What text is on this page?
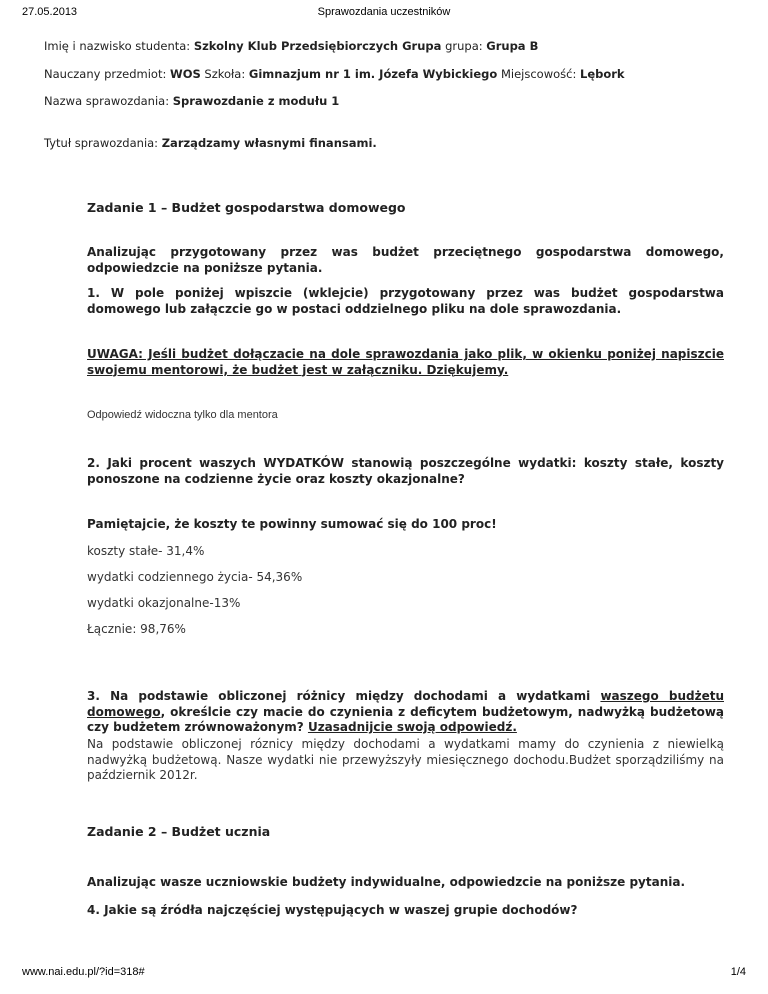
27.05.2013	Sprawozdania uczestników
Imię i nazwisko studenta: Szkolny Klub Przedsiębiorczych Grupa grupa: Grupa B
Nauczany przedmiot: WOS Szkoła: Gimnazjum nr 1 im. Józefa Wybickiego Miejscowość: Lębork
Nazwa sprawozdania: Sprawozdanie z modułu 1
Tytuł sprawozdania: Zarządzamy własnymi finansami.
Zadanie 1 – Budżet gospodarstwa domowego
Analizując przygotowany przez was budżet przeciętnego gospodarstwa domowego, odpowiedzcie na poniższe pytania.
1. W pole poniżej wpiszcie (wklejcie) przygotowany przez was budżet gospodarstwa domowego lub załączcie go w postaci oddzielnego pliku na dole sprawozdania.
UWAGA: Jeśli budżet dołączacie na dole sprawozdania jako plik, w okienku poniżej napiszcie swojemu mentorowi, że budżet jest w załączniku. Dziękujemy.
Odpowiedź widoczna tylko dla mentora
2. Jaki procent waszych WYDATKÓW stanowią poszczególne wydatki: koszty stałe, koszty ponoszone na codzienne życie oraz koszty okazjonalne?
Pamiętajcie, że koszty te powinny sumować się do 100 proc!
koszty stałe- 31,4%
wydatki codziennego życia- 54,36%
wydatki okazjonalne-13%
Łącznie: 98,76%
3. Na podstawie obliczonej różnicy między dochodami a wydatkami waszego budżetu domowego, określcie czy macie do czynienia z deficytem budżetowym, nadwyżką budżetową czy budżetem zrównoważonym? Uzasadnijcie swoją odpowiedź.
Na podstawie obliczonej róznicy między dochodami a wydatkami mamy do czynienia z niewielką nadwyżką budżetową. Nasze wydatki nie przewyższyły miesięcznego dochodu.Budżet sporządziliśmy na październik 2012r.
Zadanie 2 – Budżet ucznia
Analizując wasze uczniowskie budżety indywidualne, odpowiedzcie na poniższe pytania.
4. Jakie są źródła najczęściej występujących w waszej grupie dochodów?
www.nai.edu.pl/?id=318#	1/4
